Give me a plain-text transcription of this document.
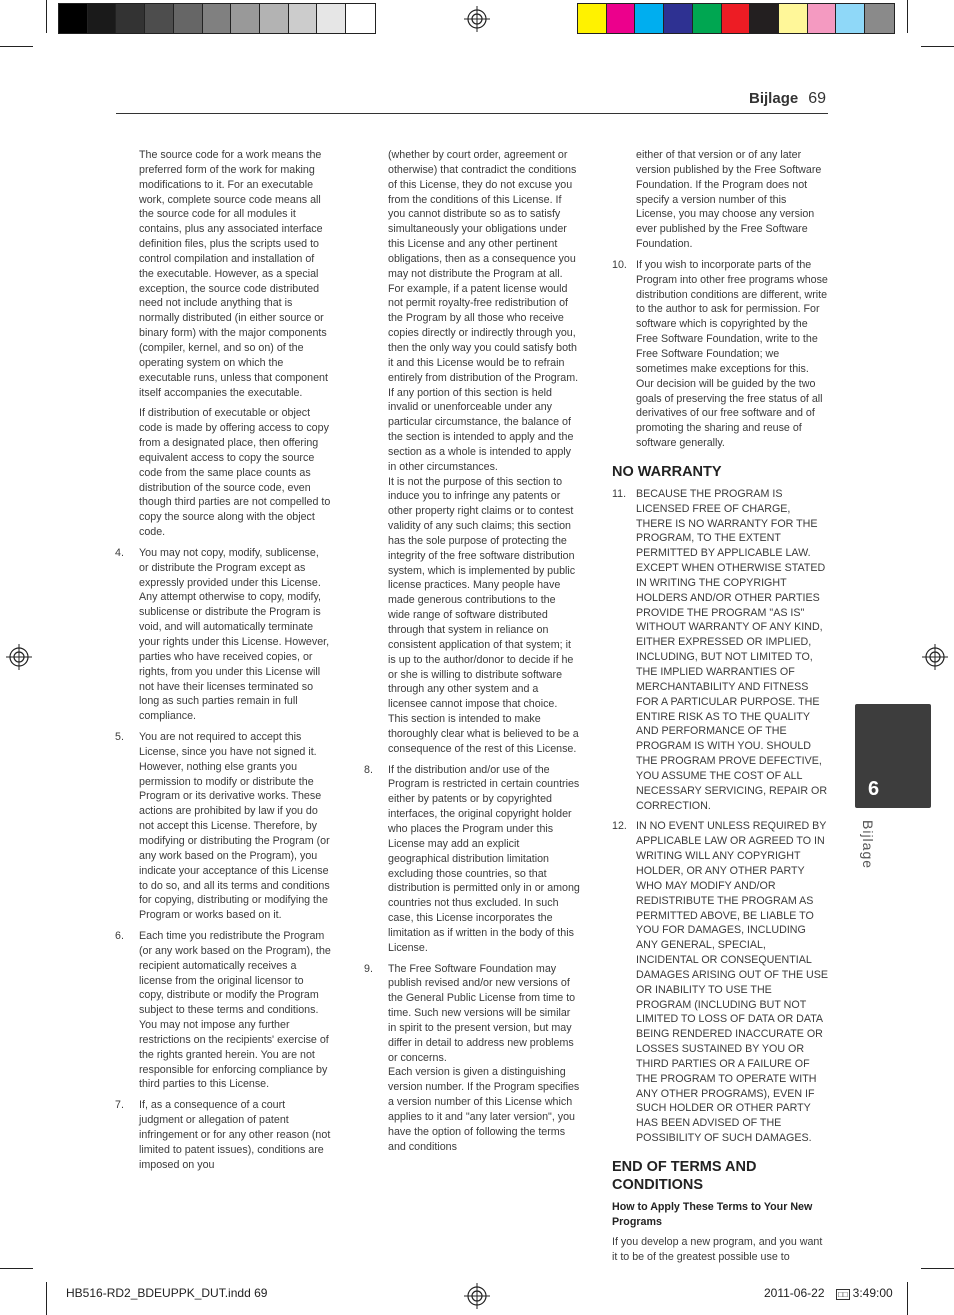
Bijlage 69

The source code for a work means the preferred form of the work for making modifications to it. For an executable work, complete source code means all the source code for all modules it contains, plus any associated interface definition files, plus the scripts used to control compilation and installation of the executable. However, as a special exception, the source code distributed need not include anything that is normally distributed (in either source or binary form) with the major components (compiler, kernel, and so on) of the operating system on which the executable runs, unless that component itself accompanies the executable.

If distribution of executable or object code is made by offering access to copy from a designated place, then offering equivalent access to copy the source code from the same place counts as distribution of the source code, even though third parties are not compelled to copy the source along with the object code.

4. You may not copy, modify, sublicense, or distribute the Program except as expressly provided under this License. Any attempt otherwise to copy, modify, sublicense or distribute the Program is void, and will automatically terminate your rights under this License. However, parties who have received copies, or rights, from you under this License will not have their licenses terminated so long as such parties remain in full compliance.
5. You are not required to accept this License, since you have not signed it. However, nothing else grants you permission to modify or distribute the Program or its derivative works. These actions are prohibited by law if you do not accept this License. Therefore, by modifying or distributing the Program (or any work based on the Program), you indicate your acceptance of this License to do so, and all its terms and conditions for copying, distributing or modifying the Program or works based on it.
6. Each time you redistribute the Program (or any work based on the Program), the recipient automatically receives a license from the original licensor to copy, distribute or modify the Program subject to these terms and conditions. You may not impose any further restrictions on the recipients' exercise of the rights granted herein. You are not responsible for enforcing compliance by third parties to this License.
7. If, as a consequence of a court judgment or allegation of patent infringement or for any other reason (not limited to patent issues), conditions are imposed on you

(whether by court order, agreement or otherwise) that contradict the conditions of this License, they do not excuse you from the conditions of this License. If you cannot distribute so as to satisfy simultaneously your obligations under this License and any other pertinent obligations, then as a consequence you may not distribute the Program at all. For example, if a patent license would not permit royalty-free redistribution of the Program by all those who receive copies directly or indirectly through you, then the only way you could satisfy both it and this License would be to refrain entirely from distribution of the Program.

If any portion of this section is held invalid or unenforceable under any particular circumstance, the balance of the section is intended to apply and the section as a whole is intended to apply in other circumstances.

It is not the purpose of this section to induce you to infringe any patents or other property right claims or to contest validity of any such claims; this section has the sole purpose of protecting the integrity of the free software distribution system, which is implemented by public license practices. Many people have made generous contributions to the wide range of software distributed through that system in reliance on consistent application of that system; it is up to the author/donor to decide if he or she is willing to distribute software through any other system and a licensee cannot impose that choice. This section is intended to make thoroughly clear what is believed to be a consequence of the rest of this License.

8. If the distribution and/or use of the Program is restricted in certain countries either by patents or by copyrighted interfaces, the original copyright holder who places the Program under this License may add an explicit geographical distribution limitation excluding those countries, so that distribution is permitted only in or among countries not thus excluded. In such case, this License incorporates the limitation as if written in the body of this License.
9. The Free Software Foundation may publish revised and/or new versions of the General Public License from time to time. Such new versions will be similar in spirit to the present version, but may differ in detail to address new problems or concerns.

Each version is given a distinguishing version number. If the Program specifies a version number of this License which applies to it and "any later version", you have the option of following the terms and conditions

either of that version or of any later version published by the Free Software Foundation. If the Program does not specify a version number of this License, you may choose any version ever published by the Free Software Foundation.

10. If you wish to incorporate parts of the Program into other free programs whose distribution conditions are different, write to the author to ask for permission. For software which is copyrighted by the Free Software Foundation, write to the Free Software Foundation; we sometimes make exceptions for this. Our decision will be guided by the two goals of preserving the free status of all derivatives of our free software and of promoting the sharing and reuse of software generally.
NO WARRANTY
11. BECAUSE THE PROGRAM IS LICENSED FREE OF CHARGE, THERE IS NO WARRANTY FOR THE PROGRAM, TO THE EXTENT PERMITTED BY APPLICABLE LAW. EXCEPT WHEN OTHERWISE STATED IN WRITING THE COPYRIGHT HOLDERS AND/OR OTHER PARTIES PROVIDE THE PROGRAM "AS IS" WITHOUT WARRANTY OF ANY KIND, EITHER EXPRESSED OR IMPLIED, INCLUDING, BUT NOT LIMITED TO, THE IMPLIED WARRANTIES OF MERCHANTABILITY AND FITNESS FOR A PARTICULAR PURPOSE. THE ENTIRE RISK AS TO THE QUALITY AND PERFORMANCE OF THE PROGRAM IS WITH YOU. SHOULD THE PROGRAM PROVE DEFECTIVE, YOU ASSUME THE COST OF ALL NECESSARY SERVICING, REPAIR OR CORRECTION.
12. IN NO EVENT UNLESS REQUIRED BY APPLICABLE LAW OR AGREED TO IN WRITING WILL ANY COPYRIGHT HOLDER, OR ANY OTHER PARTY WHO MAY MODIFY AND/OR REDISTRIBUTE THE PROGRAM AS PERMITTED ABOVE, BE LIABLE TO YOU FOR DAMAGES, INCLUDING ANY GENERAL, SPECIAL, INCIDENTAL OR CONSEQUENTIAL DAMAGES ARISING OUT OF THE USE OR INABILITY TO USE THE PROGRAM (INCLUDING BUT NOT LIMITED TO LOSS OF DATA OR DATA BEING RENDERED INACCURATE OR LOSSES SUSTAINED BY YOU OR THIRD PARTIES OR A FAILURE OF THE PROGRAM TO OPERATE WITH ANY OTHER PROGRAMS), EVEN IF SUCH HOLDER OR OTHER PARTY HAS BEEN ADVISED OF THE POSSIBILITY OF SUCH DAMAGES.
END OF TERMS AND CONDITIONS
How to Apply These Terms to Your New Programs

If you develop a new program, and you want it to be of the greatest possible use to

6
Bijlage
HB516-RD2_BDEUPPK_DUT.indd 69	2011-06-22 □□ 3:49:00
